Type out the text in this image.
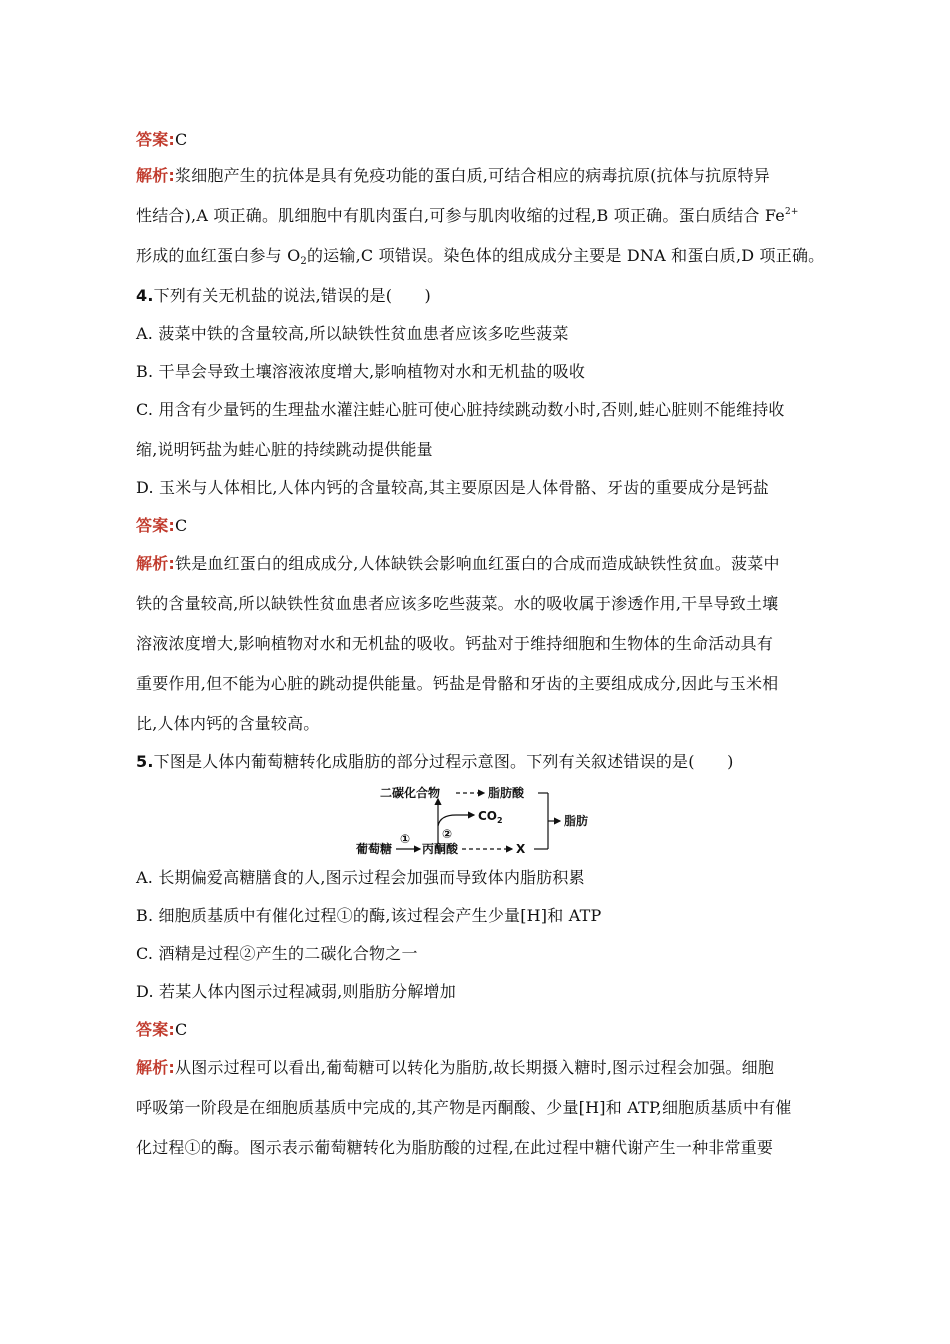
答案:C
解析:浆细胞产生的抗体是具有免疫功能的蛋白质,可结合相应的病毒抗原(抗体与抗原特异
性结合),A 项正确。肌细胞中有肌肉蛋白,可参与肌肉收缩的过程,B 项正确。蛋白质结合 $Fe^{2+}$
形成的血红蛋白参与 $O_2$的运输,C 项错误。染色体的组成成分主要是 DNA 和蛋白质,D 项正确。
4.下列有关无机盐的说法,错误的是(　　)
A. 菠菜中铁的含量较高,所以缺铁性贫血患者应该多吃些菠菜
B. 干旱会导致土壤溶液浓度增大,影响植物对水和无机盐的吸收
C. 用含有少量钙的生理盐水灌注蛙心脏可使心脏持续跳动数小时,否则,蛙心脏则不能维持收
缩,说明钙盐为蛙心脏的持续跳动提供能量
D. 玉米与人体相比,人体内钙的含量较高,其主要原因是人体骨骼、牙齿的重要成分是钙盐
答案:C
解析:铁是血红蛋白的组成成分,人体缺铁会影响血红蛋白的合成而造成缺铁性贫血。菠菜中
铁的含量较高,所以缺铁性贫血患者应该多吃些菠菜。水的吸收属于渗透作用,干旱导致土壤
溶液浓度增大,影响植物对水和无机盐的吸收。钙盐对于维持细胞和生物体的生命活动具有
重要作用,但不能为心脏的跳动提供能量。钙盐是骨骼和牙齿的主要组成成分,因此与玉米相
比,人体内钙的含量较高。
5.下图是人体内葡萄糖转化成脂肪的部分过程示意图。下列有关叙述错误的是(　　)
二碳化合物	脂肪酸
脂肪
$CO_2$
②
葡萄糖
①
丙酮酸	X
A. 长期偏爱高糖膳食的人,图示过程会加强而导致体内脂肪积累
B. 细胞质基质中有催化过程①的酶,该过程会产生少量[H]和 ATP
C. 酒精是过程②产生的二碳化合物之一
D. 若某人体内图示过程减弱,则脂肪分解增加
答案:C
解析:从图示过程可以看出,葡萄糖可以转化为脂肪,故长期摄入糖时,图示过程会加强。细胞
呼吸第一阶段是在细胞质基质中完成的,其产物是丙酮酸、少量[H]和 ATP,细胞质基质中有催
化过程①的酶。图示表示葡萄糖转化为脂肪酸的过程,在此过程中糖代谢产生一种非常重要
